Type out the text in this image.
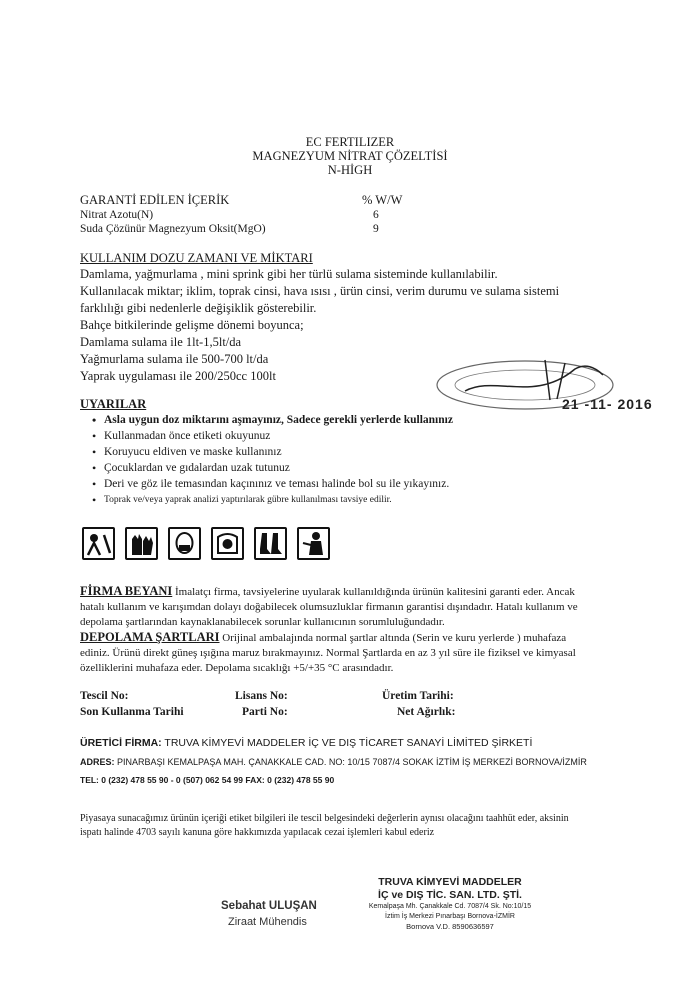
EC FERTILIZER
MAGNEZYUM NİTRAT ÇÖZELTİSİ
N-HİGH
GARANTİ EDİLEN İÇERİK	% W/W
Nitrat Azotu(N)	6
Suda Çözünür Magnezyum Oksit(MgO)	9
KULLANIM DOZU ZAMANI VE MİKTARI
Damlama, yağmurlama , mini sprink gibi her türlü sulama sisteminde kullanılabilir.
Kullanılacak miktar; iklim, toprak cinsi, hava ısısı , ürün cinsi, verim durumu ve sulama sistemi
farklılığı gibi nedenlerle değişiklik gösterebilir.
Bahçe bitkilerinde gelişme dönemi boyunca;
Damlama sulama ile 1lt-1,5lt/da
Yağmurlama sulama ile 500-700 lt/da
Yaprak uygulaması ile 200/250cc 100lt
21 -11- 2016
UYARILAR
• Asla uygun doz miktarını aşmayınız, Sadece gerekli yerlerde kullanınız
• Kullanmadan önce etiketi okuyunuz
• Koruyucu eldiven ve maske kullanınız
• Çocuklardan ve gıdalardan uzak tutunuz
• Deri ve göz ile temasından kaçınınız ve teması halinde bol su ile yıkayınız.
• Toprak ve/veya yaprak analizi yaptırılarak gübre kullanılması tavsiye edilir.

FİRMA BEYANI İmalatçı firma, tavsiyelerine uyularak kullanıldığında ürünün kalitesini garanti eder. Ancak
hatalı kullanım ve karışımdan dolayı doğabilecek olumsuzluklar firmanın garantisi dışındadır. Hatalı kullanım ve
depolama şartlarından kaynaklanabilecek sorunlar kullanıcının sorumluluğundadır.
DEPOLAMA ŞARTLARI Orijinal ambalajında normal şartlar altında (Serin ve kuru yerlerde ) muhafaza
ediniz. Ürünü direkt güneş ışığına maruz bırakmayınız. Normal Şartlarda en az 3 yıl süre ile fiziksel ve kimyasal
özelliklerini muhafaza eder. Depolama sıcaklığı +5/+35 °C arasındadır.
Tescil No:	Lisans No:	Üretim Tarihi:
Son Kullanma Tarihi	Parti No:	Net Ağırlık:
ÜRETİCİ FİRMA: TRUVA KİMYEVİ MADDELER İÇ VE DIŞ TİCARET SANAYİ LİMİTED ŞİRKETİ
ADRES: PINARBAŞI KEMALPAŞA MAH. ÇANAKKALE CAD. NO: 10/15 7087/4 SOKAK İZTİM İŞ MERKEZİ BORNOVA/İZMİR
TEL: 0 (232) 478 55 90 - 0 (507) 062 54 99 FAX: 0 (232) 478 55 90
Piyasaya sunacağımız ürünün içeriği etiket bilgileri ile tescil belgesindeki değerlerin aynısı olacağını taahhüt eder, aksinin
ispatı halinde 4703 sayılı kanuna göre hakkımızda yapılacak cezai işlemleri kabul ederiz
Sebahat ULUŞAN
Ziraat Mühendis
TRUVA KİMYEVİ MADDELER
İÇ ve DIŞ TİC. SAN. LTD. ŞTİ.
Kemalpaşa Mh. Çanakkale Cd. 7087/4 Sk. No:10/15
İztim İş Merkezi Pınarbaşı Bornova-İZMİR
Bornova V.D. 8590636597
